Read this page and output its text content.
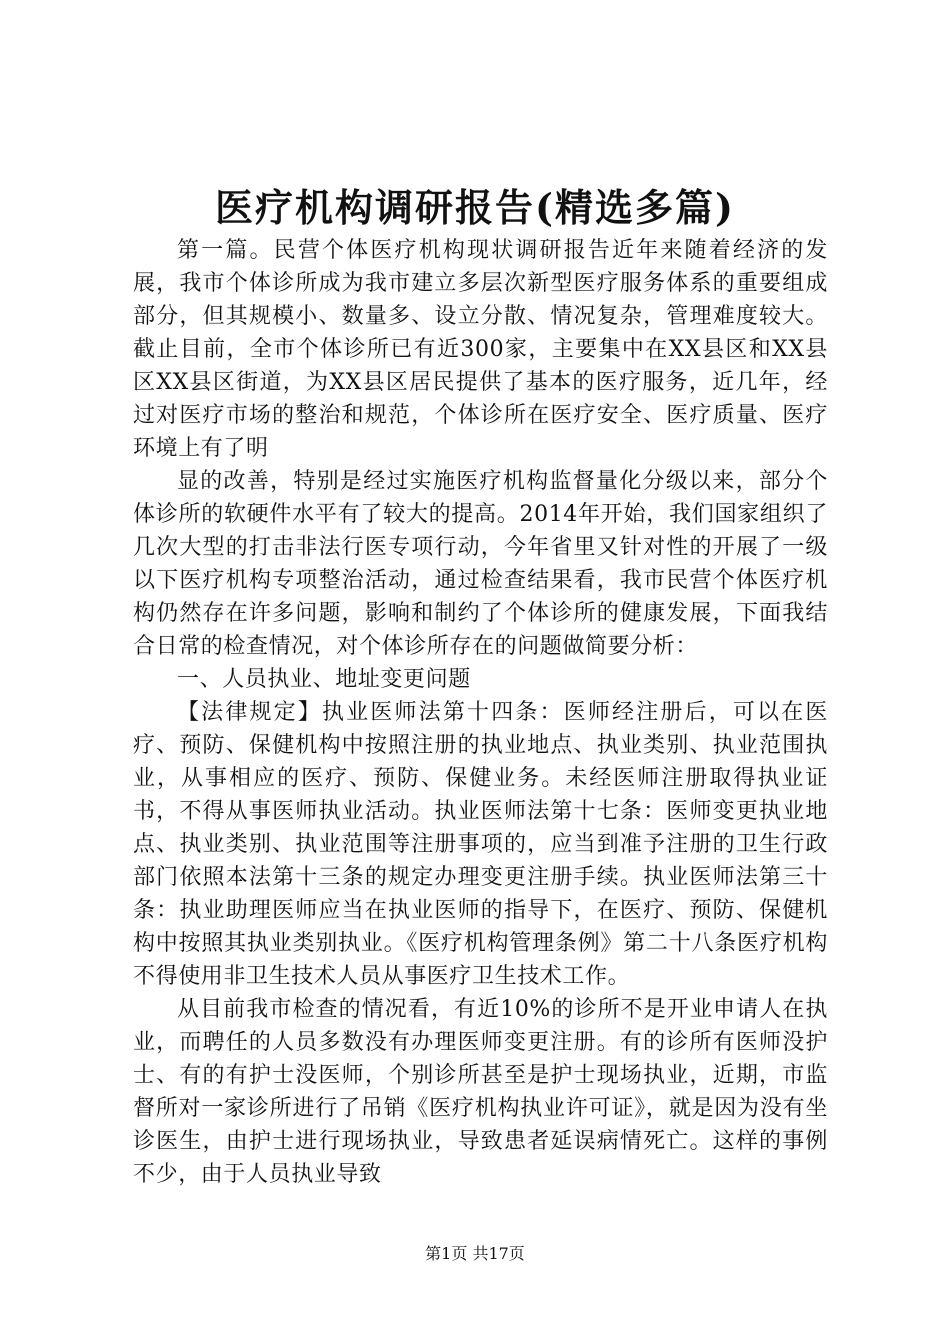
医疗机构调研报告(精选多篇)

第一篇。民营个体医疗机构现状调研报告近年来随着经济的发展，我市个体诊所成为我市建立多层次新型医疗服务体系的重要组成部分，但其规模小、数量多、设立分散、情况复杂，管理难度较大。截止目前，全市个体诊所已有近300家，主要集中在XX县区和XX县区XX县区街道，为XX县区居民提供了基本的医疗服务，近几年，经过对医疗市场的整治和规范，个体诊所在医疗安全、医疗质量、医疗环境上有了明

显的改善，特别是经过实施医疗机构监督量化分级以来，部分个体诊所的软硬件水平有了较大的提高。2014年开始，我们国家组织了几次大型的打击非法行医专项行动，今年省里又针对性的开展了一级以下医疗机构专项整治活动，通过检查结果看，我市民营个体医疗机构仍然存在许多问题，影响和制约了个体诊所的健康发展，下面我结合日常的检查情况，对个体诊所存在的问题做简要分析：

一、人员执业、地址变更问题

【法律规定】执业医师法第十四条：医师经注册后，可以在医疗、预防、保健机构中按照注册的执业地点、执业类别、执业范围执业，从事相应的医疗、预防、保健业务。未经医师注册取得执业证书，不得从事医师执业活动。执业医师法第十七条：医师变更执业地点、执业类别、执业范围等注册事项的，应当到准予注册的卫生行政部门依照本法第十三条的规定办理变更注册手续。执业医师法第三十条：执业助理医师应当在执业医师的指导下，在医疗、预防、保健机构中按照其执业类别执业。《医疗机构管理条例》第二十八条医疗机构不得使用非卫生技术人员从事医疗卫生技术工作。

从目前我市检查的情况看，有近10%的诊所不是开业申请人在执业，而聘任的人员多数没有办理医师变更注册。有的诊所有医师没护士、有的有护士没医师，个别诊所甚至是护士现场执业，近期，市监督所对一家诊所进行了吊销《医疗机构执业许可证》，就是因为没有坐诊医生，由护士进行现场执业，导致患者延误病情死亡。这样的事例不少，由于人员执业导致

第1页 共17页
